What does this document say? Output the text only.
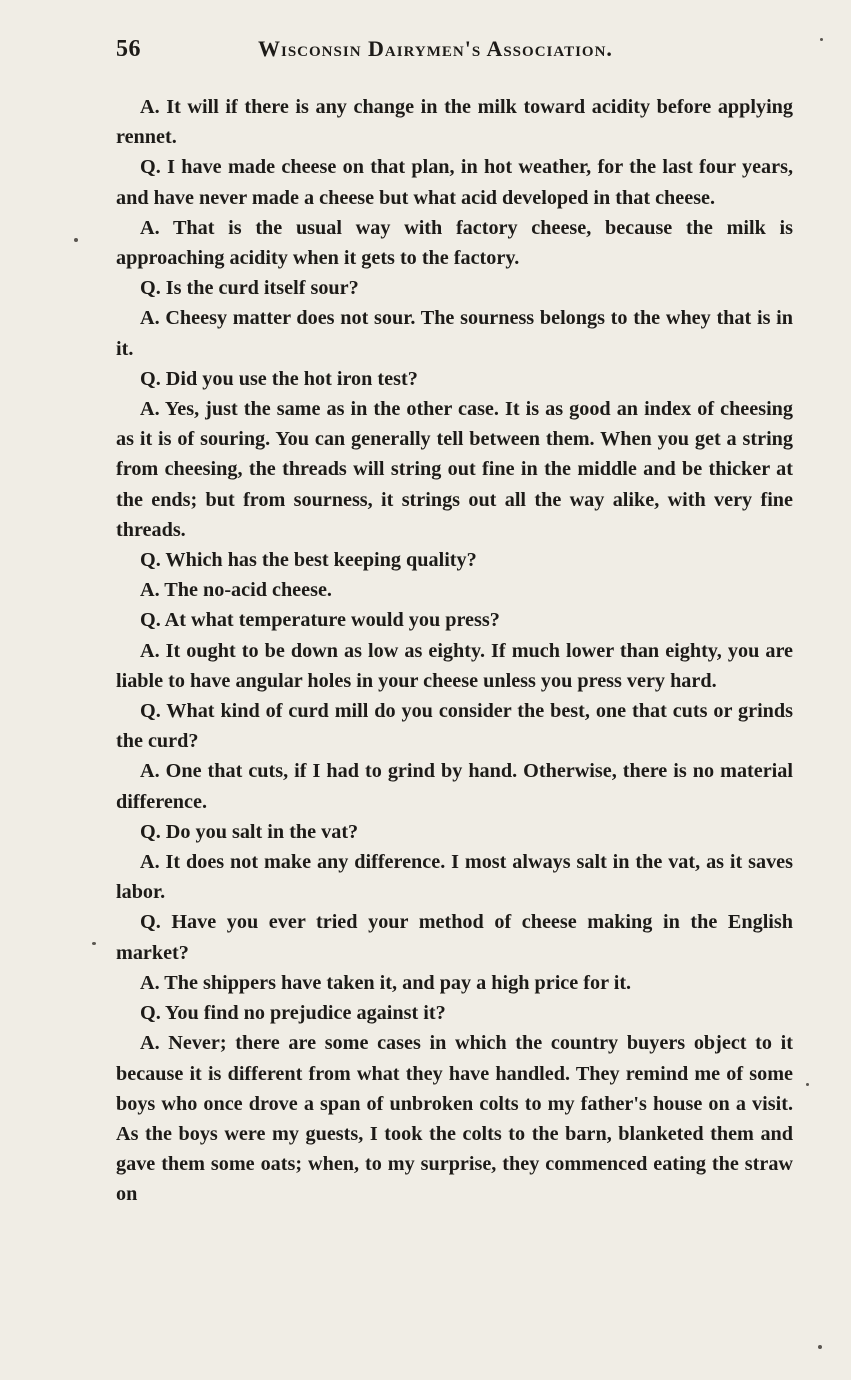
56	Wisconsin Dairymen's Association.

A. It will if there is any change in the milk toward acidity before applying rennet.

Q. I have made cheese on that plan, in hot weather, for the last four years, and have never made a cheese but what acid developed in that cheese.

A. That is the usual way with factory cheese, because the milk is approaching acidity when it gets to the factory.

Q. Is the curd itself sour?

A. Cheesy matter does not sour. The sourness belongs to the whey that is in it.

Q. Did you use the hot iron test?

A. Yes, just the same as in the other case. It is as good an index of cheesing as it is of souring. You can generally tell between them. When you get a string from cheesing, the threads will string out fine in the middle and be thicker at the ends; but from sourness, it strings out all the way alike, with very fine threads.

Q. Which has the best keeping quality?

A. The no-acid cheese.

Q. At what temperature would you press?

A. It ought to be down as low as eighty. If much lower than eighty, you are liable to have angular holes in your cheese unless you press very hard.

Q. What kind of curd mill do you consider the best, one that cuts or grinds the curd?

A. One that cuts, if I had to grind by hand. Otherwise, there is no material difference.

Q. Do you salt in the vat?

A. It does not make any difference. I most always salt in the vat, as it saves labor.

Q. Have you ever tried your method of cheese making in the English market?

A. The shippers have taken it, and pay a high price for it.

Q. You find no prejudice against it?

A. Never; there are some cases in which the country buyers object to it because it is different from what they have handled. They remind me of some boys who once drove a span of unbroken colts to my father's house on a visit. As the boys were my guests, I took the colts to the barn, blanketed them and gave them some oats; when, to my surprise, they commenced eating the straw on
